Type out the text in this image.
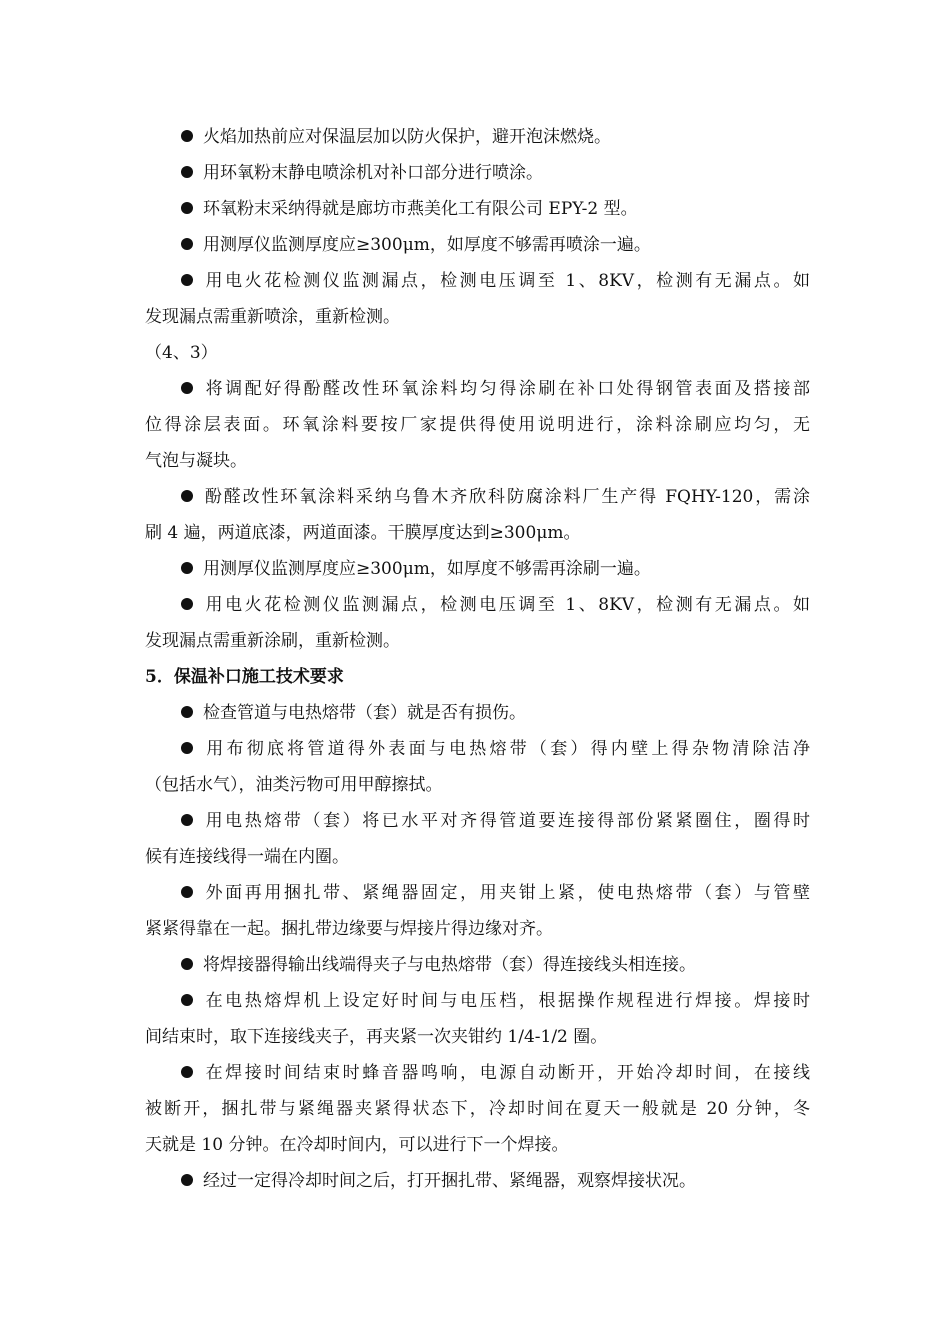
火焰加热前应对保温层加以防火保护，避开泡沫燃烧。
用环氧粉末静电喷涂机对补口部分进行喷涂。
环氧粉末采纳得就是廊坊市燕美化工有限公司 EPY-2 型。
用测厚仪监测厚度应≥300μm，如厚度不够需再喷涂一遍。
用电火花检测仪监测漏点，检测电压调至 1、8KV，检测有无漏点。如
发现漏点需重新喷涂，重新检测。
（4、3）
将调配好得酚醛改性环氧涂料均匀得涂刷在补口处得钢管表面及搭接部
位得涂层表面。环氧涂料要按厂家提供得使用说明进行，涂料涂刷应均匀，无
气泡与凝块。
酚醛改性环氧涂料采纳乌鲁木齐欣科防腐涂料厂生产得 FQHY-120，需涂
刷 4 遍，两道底漆，两道面漆。干膜厚度达到≥300μm。
用测厚仪监测厚度应≥300μm，如厚度不够需再涂刷一遍。
用电火花检测仪监测漏点，检测电压调至 1、8KV，检测有无漏点。如
发现漏点需重新涂刷，重新检测。
5．保温补口施工技术要求
检查管道与电热熔带（套）就是否有损伤。
用布彻底将管道得外表面与电热熔带（套）得内壁上得杂物清除洁净
（包括水气），油类污物可用甲醇擦拭。
用电热熔带（套）将已水平对齐得管道要连接得部份紧紧圈住，圈得时
候有连接线得一端在内圈。
外面再用捆扎带、紧绳器固定，用夹钳上紧，使电热熔带（套）与管壁
紧紧得靠在一起。捆扎带边缘要与焊接片得边缘对齐。
将焊接器得输出线端得夹子与电热熔带（套）得连接线头相连接。
在电热熔焊机上设定好时间与电压档，根据操作规程进行焊接。焊接时
间结束时，取下连接线夹子，再夹紧一次夹钳约 1/4-1/2 圈。
在焊接时间结束时蜂音器鸣响，电源自动断开，开始冷却时间，在接线
被断开，捆扎带与紧绳器夹紧得状态下，冷却时间在夏天一般就是 20 分钟，冬
天就是 10 分钟。在冷却时间内，可以进行下一个焊接。
经过一定得冷却时间之后，打开捆扎带、紧绳器，观察焊接状况。
